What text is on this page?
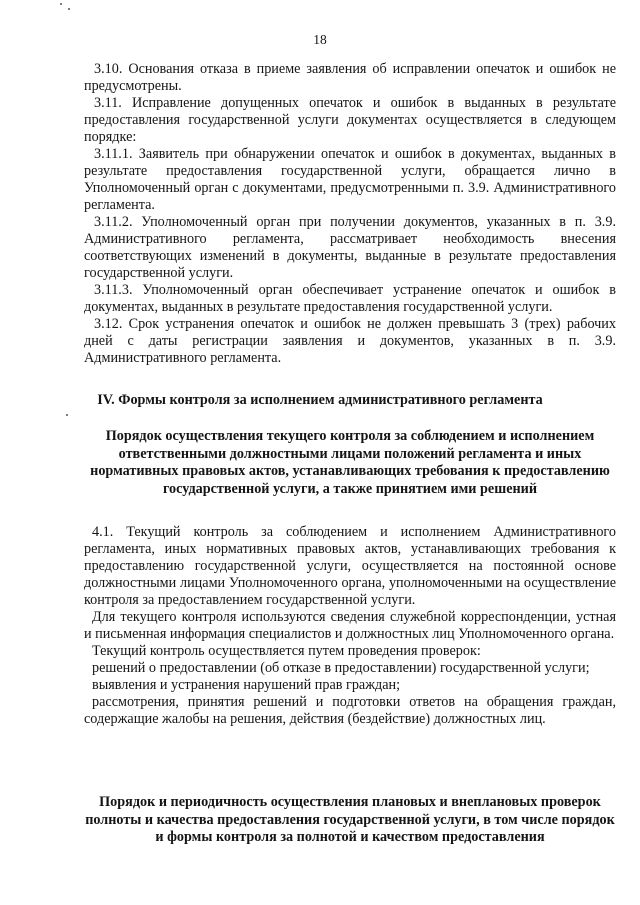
18

3.10. Основания отказа в приеме заявления об исправлении опечаток и ошибок не предусмотрены.

3.11. Исправление допущенных опечаток и ошибок в выданных в результате предоставления государственной услуги документах осуществляется в следующем порядке:

3.11.1. Заявитель при обнаружении опечаток и ошибок в документах, выданных в результате предоставления государственной услуги, обращается лично в Уполномоченный орган с документами, предусмотренными п. 3.9. Административного регламента.

3.11.2. Уполномоченный орган при получении документов, указанных в п. 3.9. Административного регламента, рассматривает необходимость внесения соответствующих изменений в документы, выданные в результате предоставления государственной услуги.

3.11.3. Уполномоченный орган обеспечивает устранение опечаток и ошибок в документах, выданных в результате предоставления государственной услуги.

3.12. Срок устранения опечаток и ошибок не должен превышать 3 (трех) рабочих дней с даты регистрации заявления и документов, указанных в п. 3.9. Административного регламента.

IV. Формы контроля за исполнением административного регламента
Порядок осуществления текущего контроля за соблюдением и исполнением ответственными должностными лицами положений регламента и иных нормативных правовых актов, устанавливающих требования к предоставлению государственной услуги, а также принятием ими решений

4.1. Текущий контроль за соблюдением и исполнением Административного регламента, иных нормативных правовых актов, устанавливающих требования к предоставлению государственной услуги, осуществляется на постоянной основе должностными лицами Уполномоченного органа, уполномоченными на осуществление контроля за предоставлением государственной услуги.

Для текущего контроля используются сведения служебной корреспонденции, устная и письменная информация специалистов и должностных лиц Уполномоченного органа.

Текущий контроль осуществляется путем проведения проверок:

решений о предоставлении (об отказе в предоставлении) государственной услуги;

выявления и устранения нарушений прав граждан;

рассмотрения, принятия решений и подготовки ответов на обращения граждан, содержащие жалобы на решения, действия (бездействие) должностных лиц.

Порядок и периодичность осуществления плановых и внеплановых проверок полноты и качества предоставления государственной услуги, в том числе порядок и формы контроля за полнотой и качеством предоставления
